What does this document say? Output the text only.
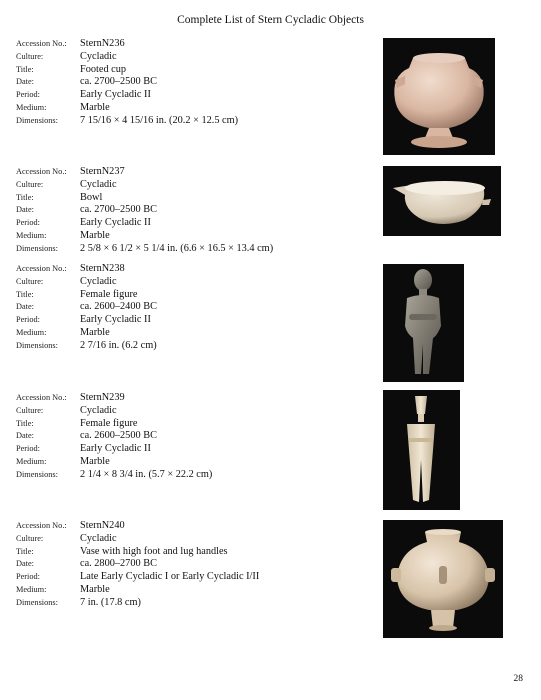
Complete List of Stern Cycladic Objects
Accession No.:	SternN236
Culture:	Cycladic
Title:	Footed cup
Date:	ca. 2700–2500 BC
Period:	Early Cycladic II
Medium:	Marble
Dimensions:	7 15/16 × 4 15/16 in. (20.2 × 12.5 cm)
Accession No.:	SternN237
Culture:	Cycladic
Title:	Bowl
Date:	ca. 2700–2500 BC
Period:	Early Cycladic II
Medium:	Marble
Dimensions:	2 5/8 × 6 1/2 × 5 1/4 in. (6.6 × 16.5 × 13.4 cm)
Accession No.:	SternN238
Culture:	Cycladic
Title:	Female figure
Date:	ca. 2600–2400 BC
Period:	Early Cycladic II
Medium:	Marble
Dimensions:	2 7/16 in. (6.2 cm)
Accession No.:	SternN239
Culture:	Cycladic
Title:	Female figure
Date:	ca. 2600–2500 BC
Period:	Early Cycladic II
Medium:	Marble
Dimensions:	2 1/4 × 8 3/4 in. (5.7 × 22.2 cm)
Accession No.:	SternN240
Culture:	Cycladic
Title:	Vase with high foot and lug handles
Date:	ca. 2800–2700 BC
Period:	Late Early Cycladic I or Early Cycladic I/II
Medium:	Marble
Dimensions:	7 in. (17.8 cm)
28
